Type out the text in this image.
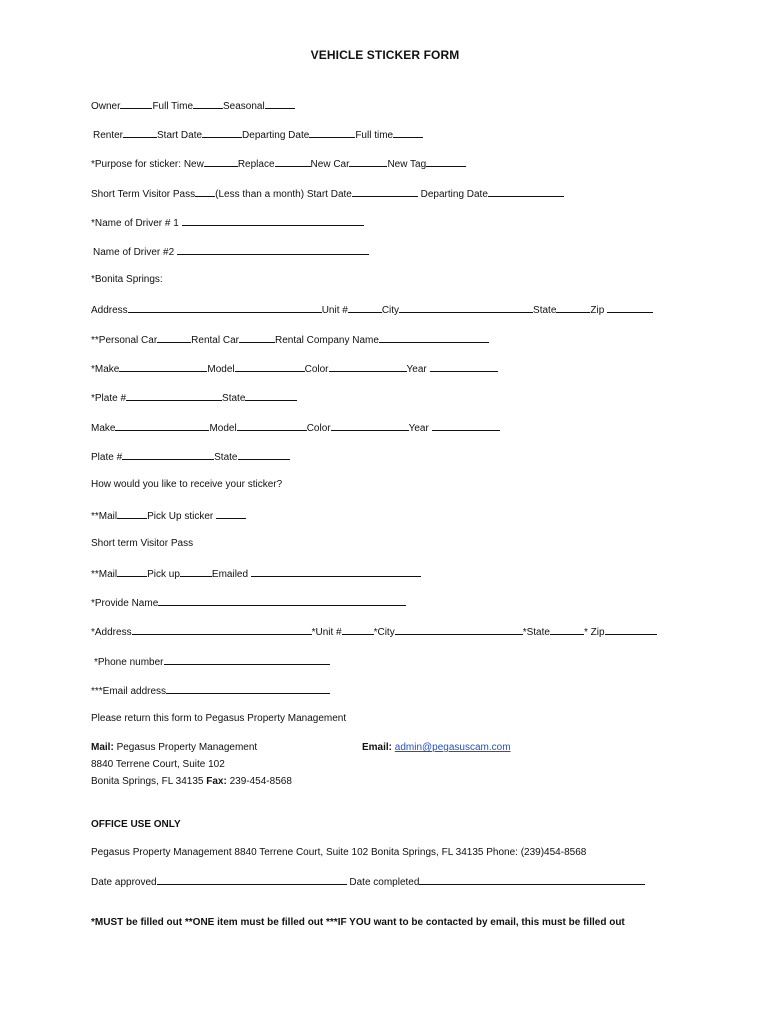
VEHICLE STICKER FORM
Owner	Full Time	Seasonal
Renter	Start Date	Departing Date	Full time
*Purpose for sticker: New	Replace	New Car	New Tag
Short Term Visitor Pass (Less than a month) Start Date	Departing Date
*Name of Driver # 1
Name of Driver #2
*Bonita Springs:
Address	Unit #	City	State	Zip
**Personal Car	Rental Car	Rental Company Name
*Make	Model	Color	Year
*Plate #	State
Make	Model	Color	Year
Plate #	State
How would you like to receive your sticker?
**Mail	Pick Up sticker
Short term Visitor Pass
**Mail	Pick up	Emailed
*Provide Name
*Address	*Unit #	*City	*State	* Zip
*Phone number
***Email address
Please return this form to Pegasus Property Management
Mail: Pegasus Property Management	Email: admin@pegasuscam.com
8840 Terrene Court, Suite 102
Bonita Springs, FL 34135 Fax: 239-454-8568
OFFICE USE ONLY
Pegasus Property Management 8840 Terrene Court, Suite 102 Bonita Springs, FL 34135 Phone: (239)454-8568
Date approved	Date completed
*MUST be filled out **ONE item must be filled out ***IF YOU want to be contacted by email, this must be filled out
